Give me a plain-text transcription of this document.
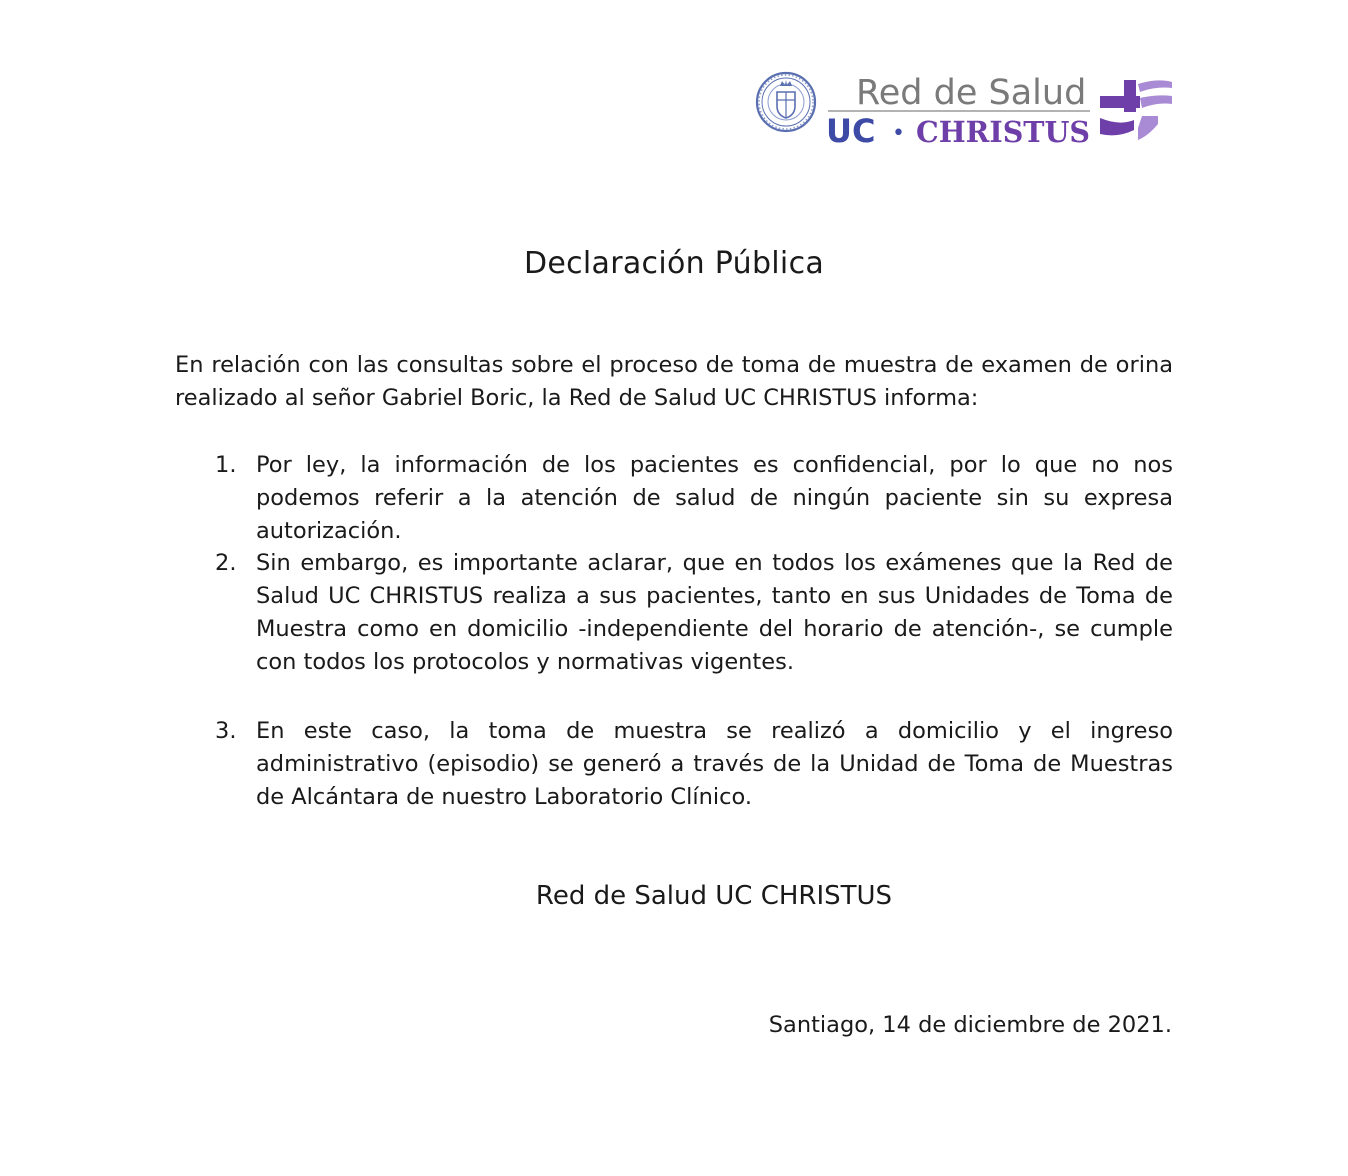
Red de Salud
UC • CHRISTUS
Declaración Pública
En relación con las consultas sobre el proceso de toma de muestra de examen de orina realizado al señor Gabriel Boric, la Red de Salud UC CHRISTUS informa:
1. Por ley, la información de los pacientes es confidencial, por lo que no nos podemos referir a la atención de salud de ningún paciente sin su expresa autorización.
2. Sin embargo, es importante aclarar, que en todos los exámenes que la Red de Salud UC CHRISTUS realiza a sus pacientes, tanto en sus Unidades de Toma de Muestra como en domicilio -independiente del horario de atención-, se cumple con todos los protocolos y normativas vigentes.
3. En este caso, la toma de muestra se realizó a domicilio y el ingreso administrativo (episodio) se generó a través de la Unidad de Toma de Muestras de Alcántara de nuestro Laboratorio Clínico.
Red de Salud UC CHRISTUS
Santiago, 14 de diciembre de 2021.
